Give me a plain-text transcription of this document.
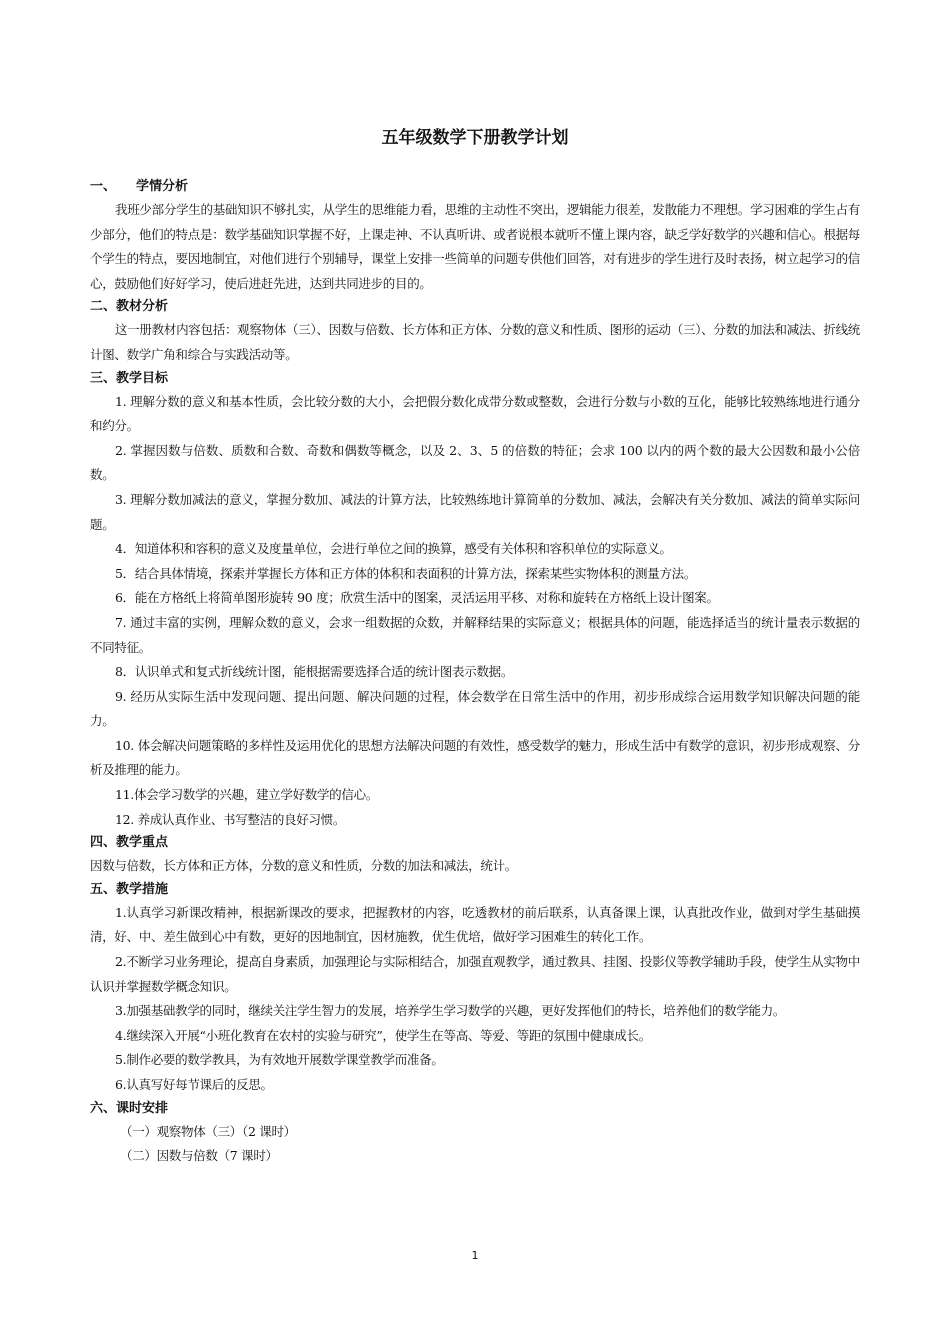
五年级数学下册教学计划
一、 学情分析

我班少部分学生的基础知识不够扎实，从学生的思维能力看，思维的主动性不突出，逻辑能力很差，发散能力不理想。学习困难的学生占有少部分，他们的特点是：数学基础知识掌握不好，上课走神、不认真听讲、或者说根本就听不懂上课内容，缺乏学好数学的兴趣和信心。根据每个学生的特点，要因地制宜，对他们进行个别辅导，课堂上安排一些简单的问题专供他们回答，对有进步的学生进行及时表扬，树立起学习的信心，鼓励他们好好学习，使后进赶先进，达到共同进步的目的。

二、教材分析

这一册教材内容包括：观察物体（三）、因数与倍数、长方体和正方体、分数的意义和性质、图形的运动（三）、分数的加法和减法、折线统计图、数学广角和综合与实践活动等。

三、教学目标

1. 理解分数的意义和基本性质，会比较分数的大小，会把假分数化成带分数或整数，会进行分数与小数的互化，能够比较熟练地进行通分和约分。

2. 掌握因数与倍数、质数和合数、奇数和偶数等概念，以及 2、3、5 的倍数的特征；会求 100 以内的两个数的最大公因数和最小公倍数。

3. 理解分数加减法的意义，掌握分数加、减法的计算方法，比较熟练地计算简单的分数加、减法，会解决有关分数加、减法的简单实际问题。

4．知道体积和容积的意义及度量单位，会进行单位之间的换算，感受有关体积和容积单位的实际意义。

5．结合具体情境，探索并掌握长方体和正方体的体积和表面积的计算方法，探索某些实物体积的测量方法。

6．能在方格纸上将简单图形旋转 90 度；欣赏生活中的图案，灵活运用平移、对称和旋转在方格纸上设计图案。

7. 通过丰富的实例，理解众数的意义，会求一组数据的众数，并解释结果的实际意义；根据具体的问题，能选择适当的统计量表示数据的不同特征。

8．认识单式和复式折线统计图，能根据需要选择合适的统计图表示数据。

9. 经历从实际生活中发现问题、提出问题、解决问题的过程，体会数学在日常生活中的作用，初步形成综合运用数学知识解决问题的能力。

10. 体会解决问题策略的多样性及运用优化的思想方法解决问题的有效性，感受数学的魅力，形成生活中有数学的意识，初步形成观察、分析及推理的能力。

11.体会学习数学的兴趣，建立学好数学的信心。

12. 养成认真作业、书写整洁的良好习惯。

四、教学重点

因数与倍数，长方体和正方体，分数的意义和性质，分数的加法和减法，统计。

五、教学措施

1.认真学习新课改精神，根据新课改的要求，把握教材的内容，吃透教材的前后联系，认真备课上课，认真批改作业，做到对学生基础摸清，好、中、差生做到心中有数，更好的因地制宜，因材施教，优生优培，做好学习困难生的转化工作。

2.不断学习业务理论，提高自身素质，加强理论与实际相结合，加强直观教学，通过教具、挂图、投影仪等教学辅助手段，使学生从实物中认识并掌握数学概念知识。

3.加强基础教学的同时，继续关注学生智力的发展，培养学生学习数学的兴趣，更好发挥他们的特长，培养他们的数学能力。

4.继续深入开展“小班化教育在农村的实验与研究”，使学生在等高、等爱、等距的氛围中健康成长。

5.制作必要的数学教具，为有效地开展数学课堂教学而准备。

6.认真写好每节课后的反思。

六、课时安排
（一）观察物体（三）（2 课时）
（二）因数与倍数（7 课时）
1
